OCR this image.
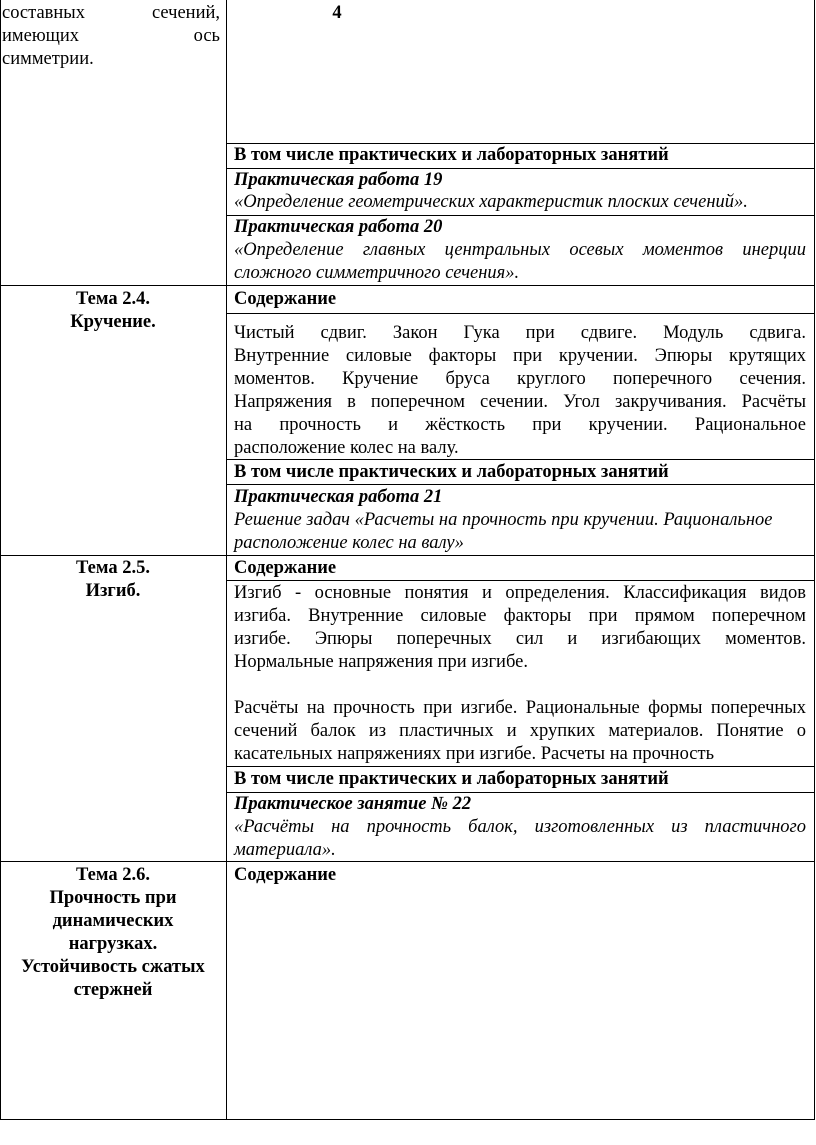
составных сечений,
имеющих ось
симметрии.
4
В том числе практических и лабораторных занятий
Практическая работа 19
«Определение геометрических характеристик плоских сечений».
Практическая работа 20
«Определение главных центральных осевых моментов инерции
сложного симметричного сечения».
Тема 2.4.
Кручение.
Содержание
Чистый сдвиг. Закон Гука при сдвиге. Модуль сдвига.
Внутренние силовые факторы при кручении. Эпюры крутящих
моментов. Кручение бруса круглого поперечного сечения.
Напряжения в поперечном сечении. Угол закручивания. Расчёты
на прочность и жёсткость при кручении. Рациональное
расположение колес на валу.
В том числе практических и лабораторных занятий
Практическая работа 21
Решение задач «Расчеты на прочность при кручении. Рациональное
расположение колес на валу»
Тема 2.5.
Изгиб.
Содержание
Изгиб - основные понятия и определения. Классификация видов
изгиба. Внутренние силовые факторы при прямом поперечном
изгибе. Эпюры поперечных сил и изгибающих моментов.
Нормальные напряжения при изгибе.
Расчёты на прочность при изгибе. Рациональные формы поперечных
сечений балок из пластичных и хрупких материалов. Понятие о
касательных напряжениях при изгибе. Расчеты на прочность
В том числе практических и лабораторных занятий
Практическое занятие № 22
«Расчёты на прочность балок, изготовленных из пластичного
материала».
Тема 2.6.
Прочность при
динамических
нагрузках.
Устойчивость сжатых
стержней
Содержание
